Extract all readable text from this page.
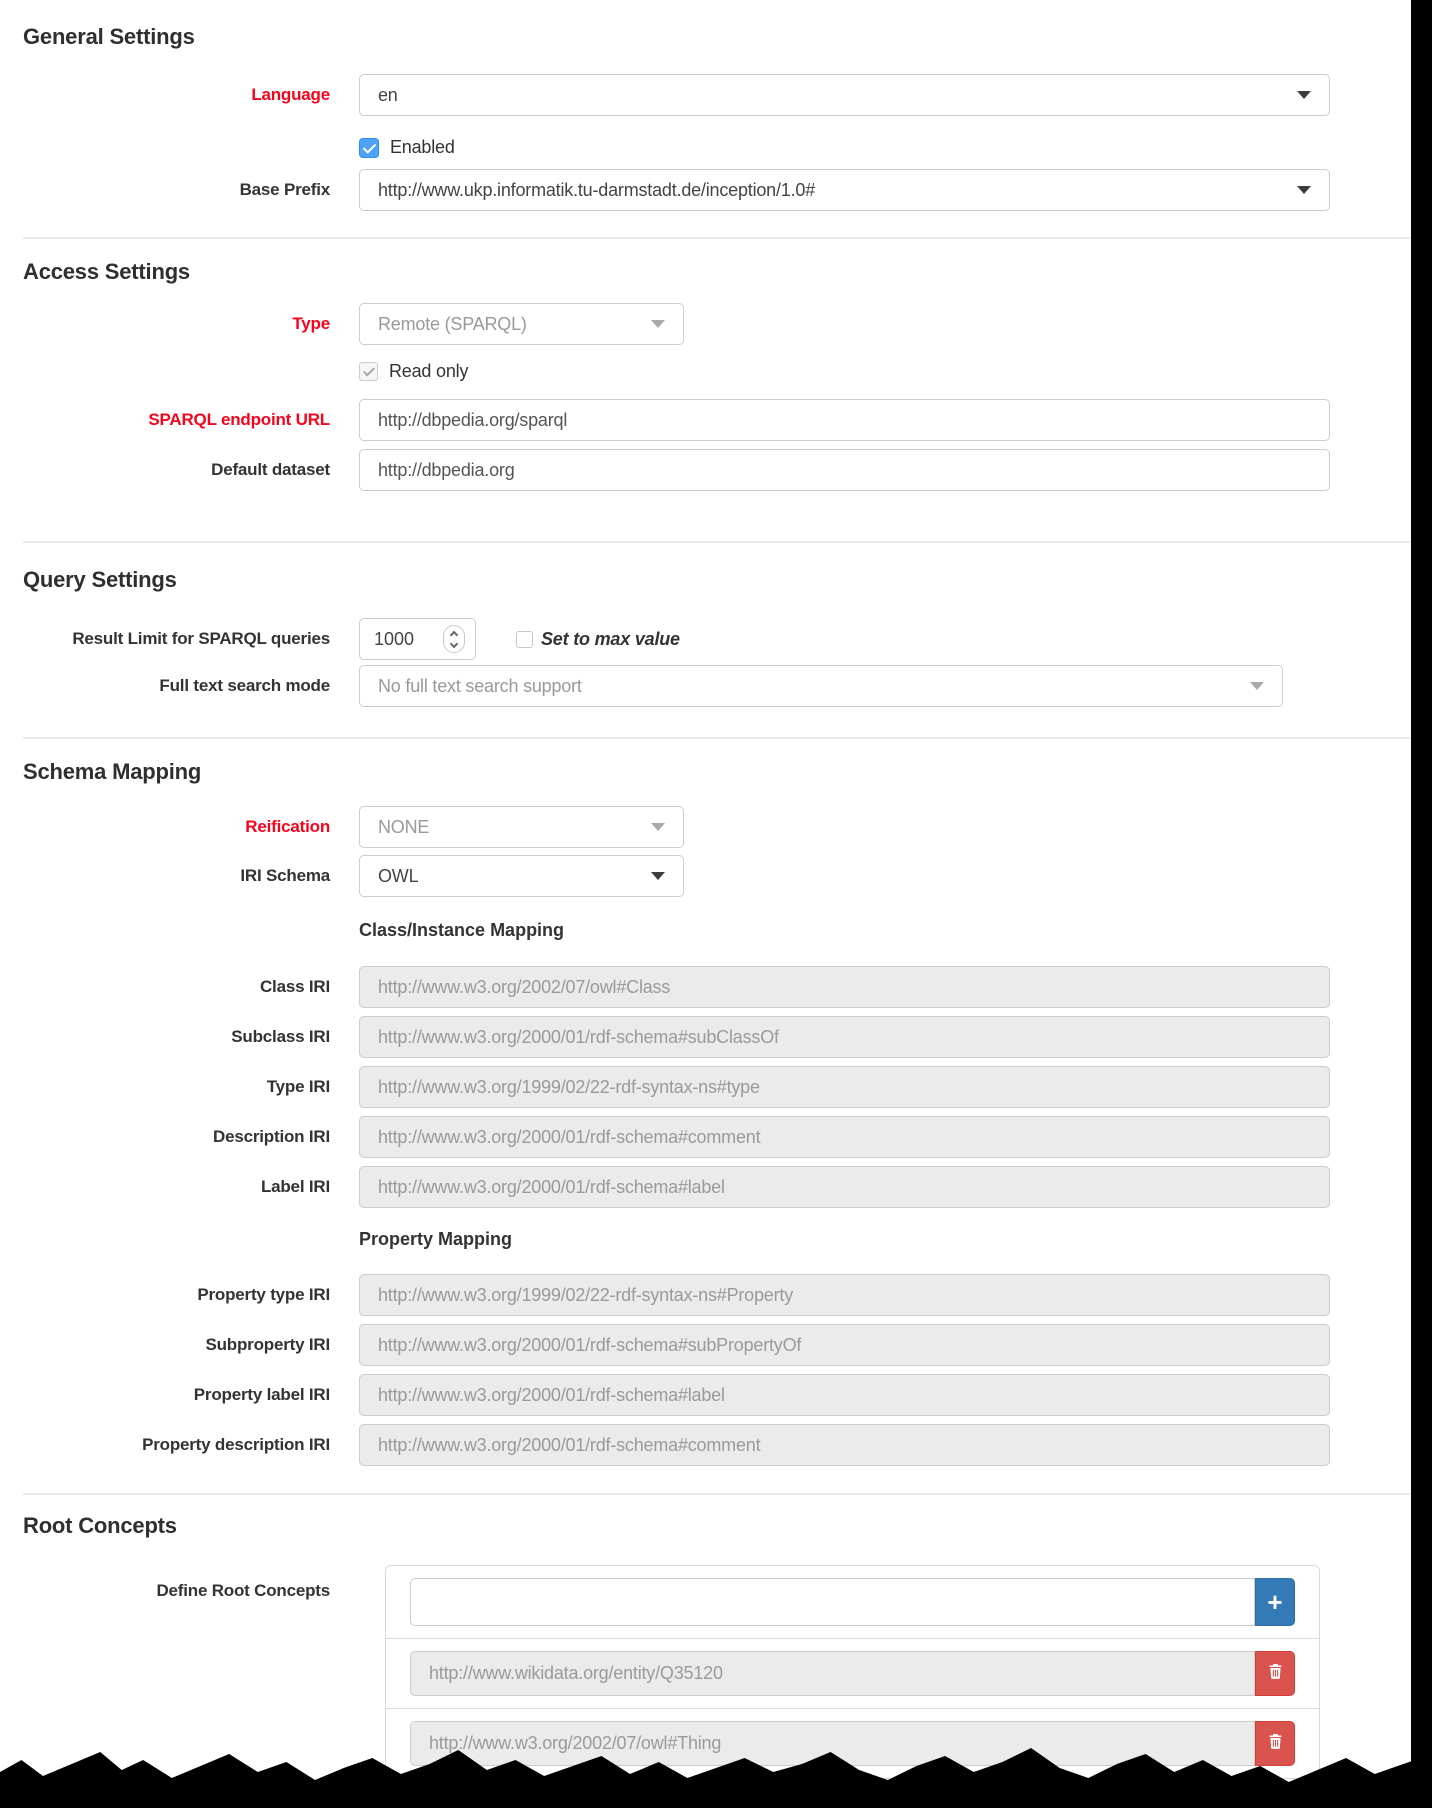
General Settings
Language	en
Enabled
Base Prefix	http://www.ukp.informatik.tu-darmstadt.de/inception/1.0#
Access Settings
Type	Remote (SPARQL)
Read only
SPARQL endpoint URL	http://dbpedia.org/sparql
Default dataset	http://dbpedia.org
Query Settings
Result Limit for SPARQL queries 1000	Set to max value
Full text search mode	No full text search support
Schema Mapping
Reification	NONE
IRI Schema	OWL
Class/Instance Mapping
Class IRI	http://www.w3.org/2002/07/owl#Class
Subclass IRI	http://www.w3.org/2000/01/rdf-schema#subClassOf
Type IRI	http://www.w3.org/1999/02/22-rdf-syntax-ns#type
Description IRI	http://www.w3.org/2000/01/rdf-schema#comment
Label IRI	http://www.w3.org/2000/01/rdf-schema#label
Property Mapping
Property type IRI	http://www.w3.org/1999/02/22-rdf-syntax-ns#Property
Subproperty IRI	http://www.w3.org/2000/01/rdf-schema#subPropertyOf
Property label IRI	http://www.w3.org/2000/01/rdf-schema#label
Property description IRI	http://www.w3.org/2000/01/rdf-schema#comment
Root Concepts
Define Root Concepts	+
http://www.wikidata.org/entity/Q35120
http://www.w3.org/2002/07/owl#Thing
